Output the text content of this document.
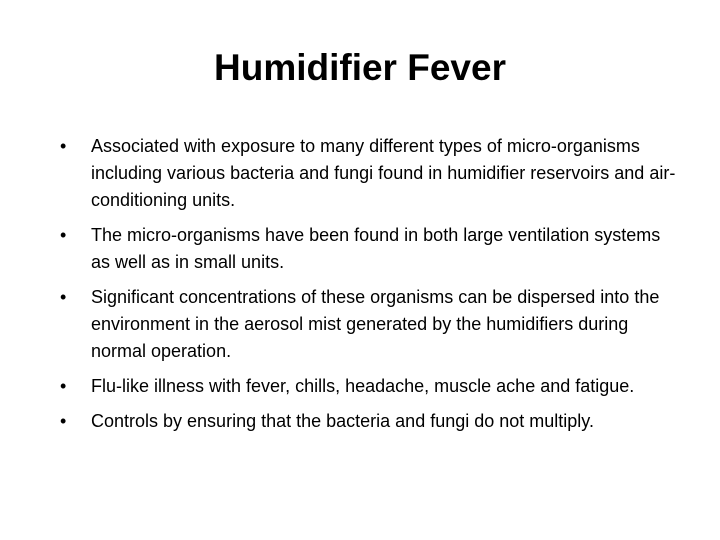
Humidifier Fever
• Associated with exposure to many different types of micro-organisms including various bacteria and fungi found in humidifier reservoirs and air-conditioning units.
• The micro-organisms have been found in both large ventilation systems as well as in small units.
• Significant concentrations of these organisms can be dispersed into the environment in the aerosol mist generated by the humidifiers during normal operation.
• Flu-like illness with fever, chills, headache, muscle ache and fatigue.
• Controls by ensuring that the bacteria and fungi do not multiply.
